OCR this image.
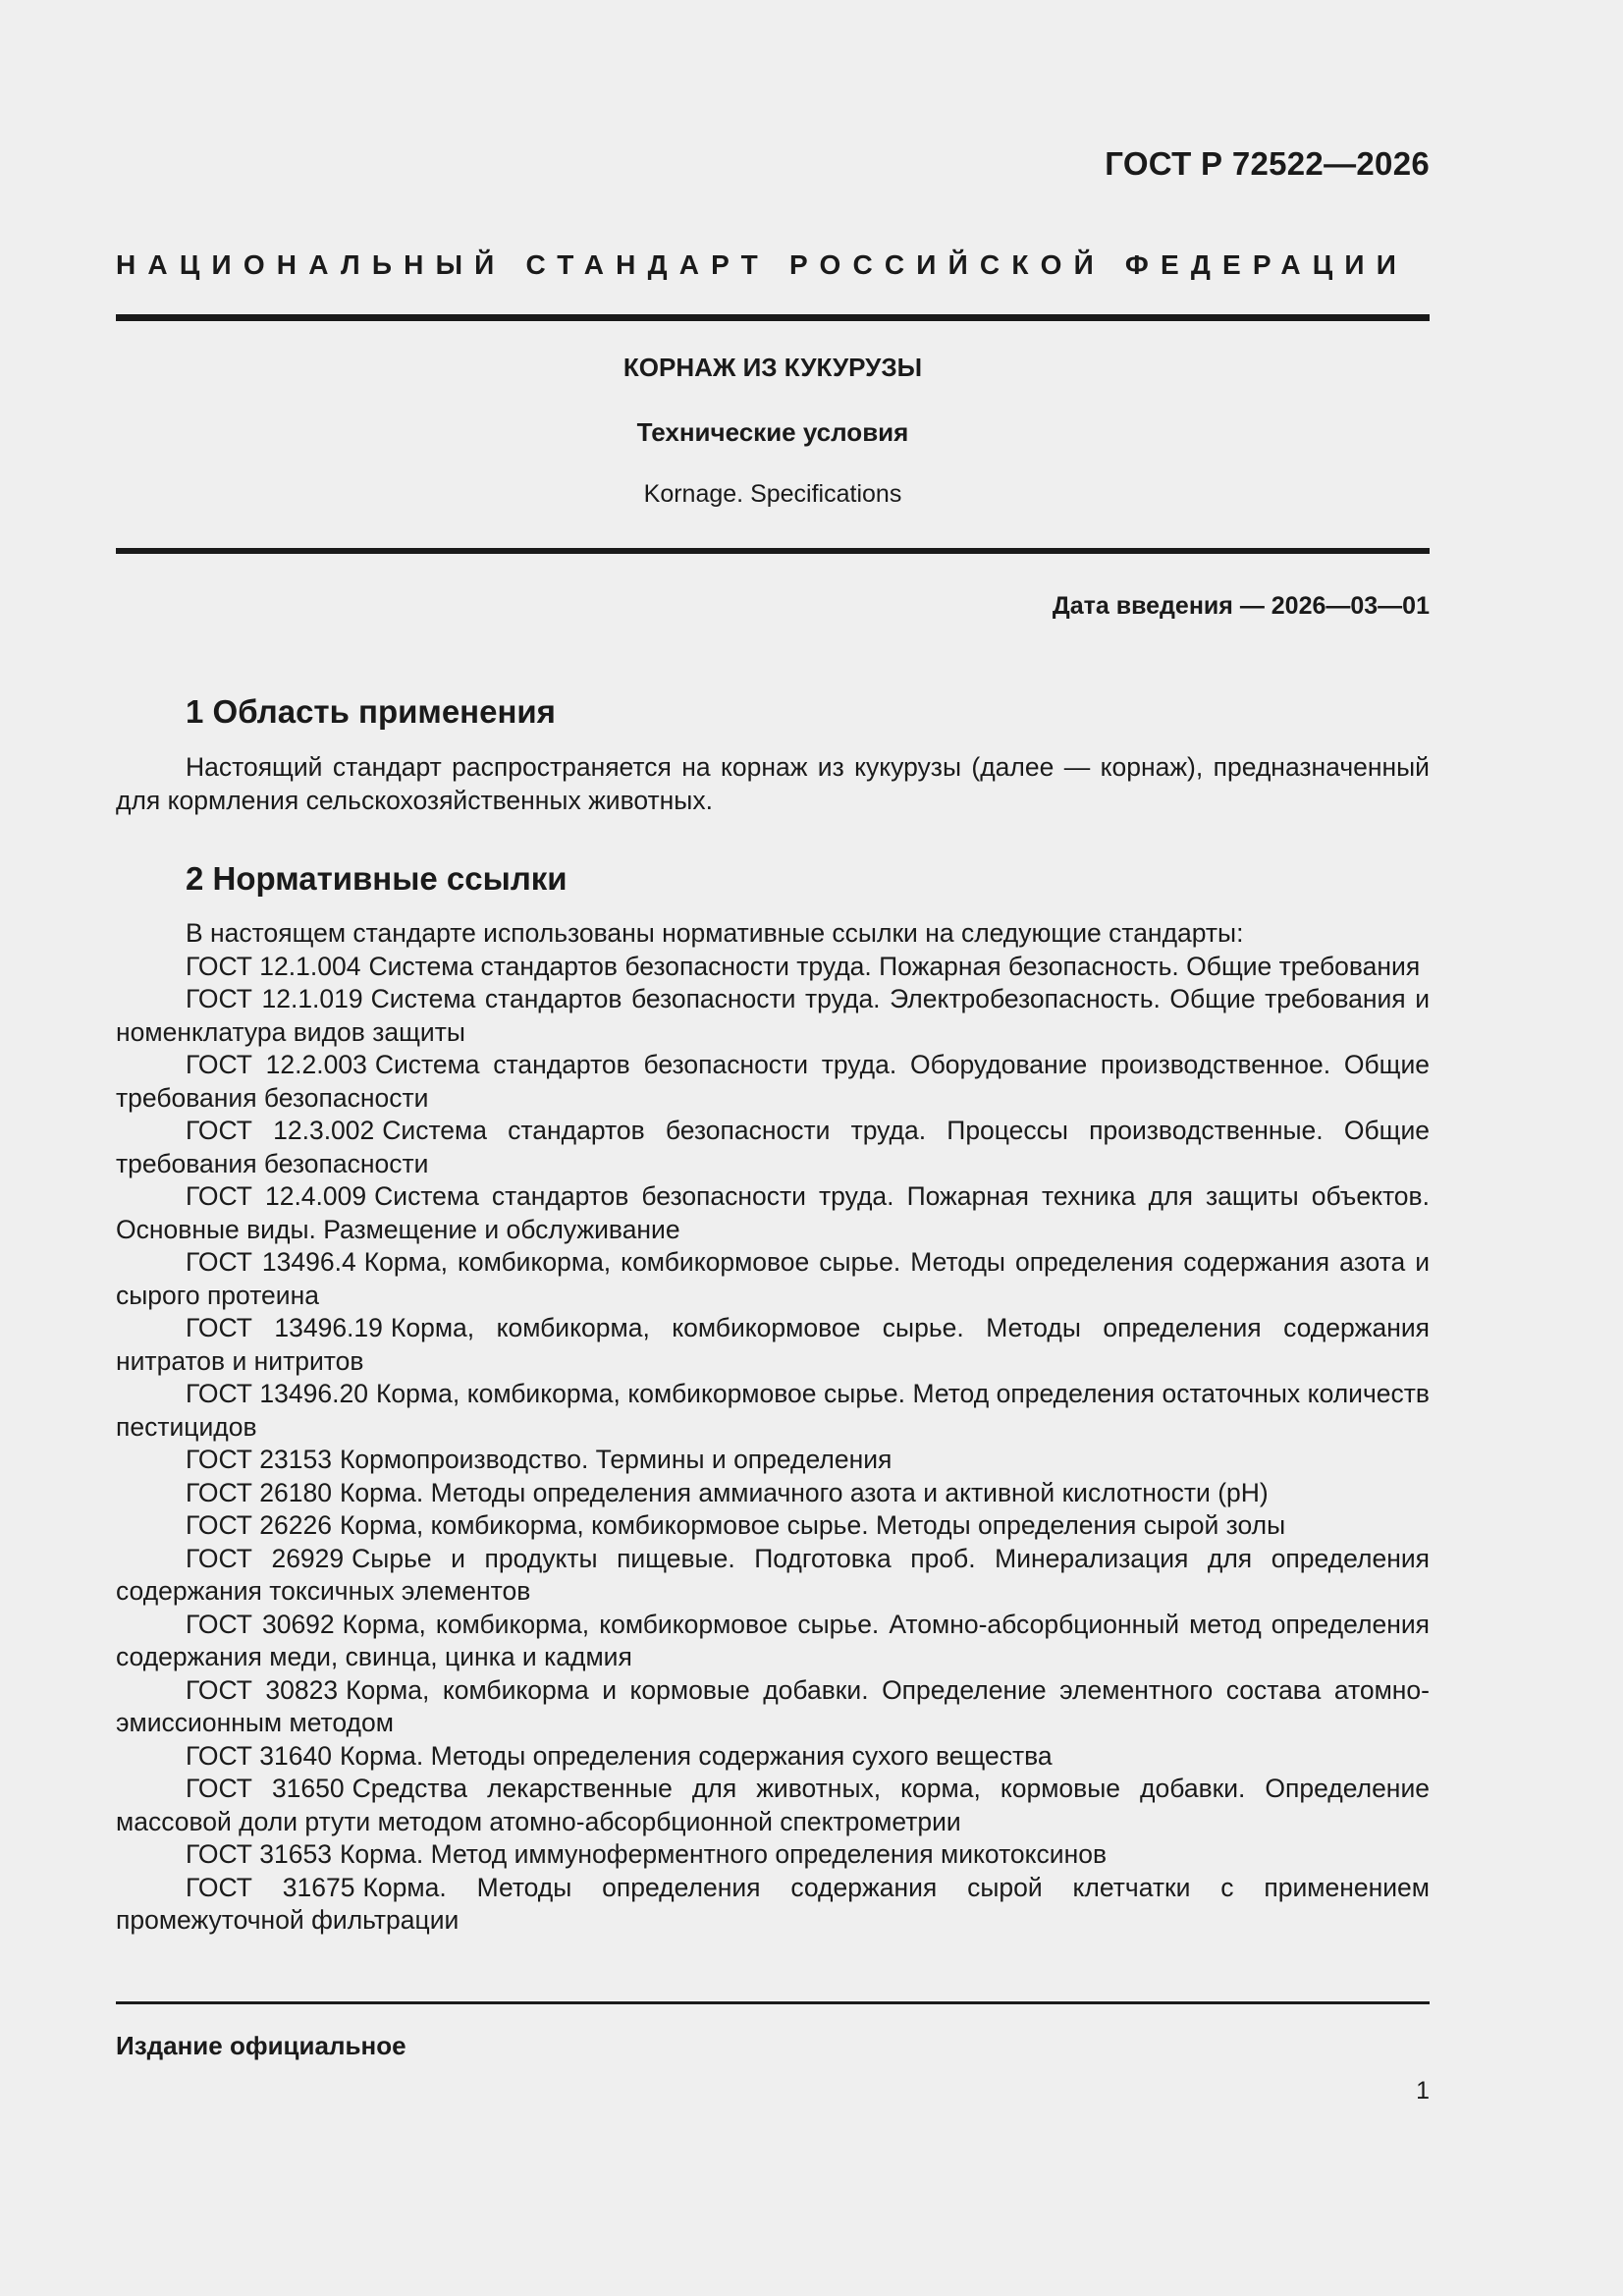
ГОСТ Р 72522—2026
НАЦИОНАЛЬНЫЙ СТАНДАРТ РОССИЙСКОЙ ФЕДЕРАЦИИ
КОРНАЖ ИЗ КУКУРУЗЫ
Технические условия
Kornage. Specifications
Дата введения — 2026—03—01
1 Область применения
Настоящий стандарт распространяется на корнаж из кукурузы (далее — корнаж), предназначенный для кормления сельскохозяйственных животных.
2 Нормативные ссылки
В настоящем стандарте использованы нормативные ссылки на следующие стандарты:
ГОСТ 12.1.004 Система стандартов безопасности труда. Пожарная безопасность. Общие требования
ГОСТ 12.1.019 Система стандартов безопасности труда. Электробезопасность. Общие требования и номенклатура видов защиты
ГОСТ 12.2.003 Система стандартов безопасности труда. Оборудование производственное. Общие требования безопасности
ГОСТ 12.3.002 Система стандартов безопасности труда. Процессы производственные. Общие требования безопасности
ГОСТ 12.4.009 Система стандартов безопасности труда. Пожарная техника для защиты объектов. Основные виды. Размещение и обслуживание
ГОСТ 13496.4 Корма, комбикорма, комбикормовое сырье. Методы определения содержания азота и сырого протеина
ГОСТ 13496.19 Корма, комбикорма, комбикормовое сырье. Методы определения содержания нитратов и нитритов
ГОСТ 13496.20 Корма, комбикорма, комбикормовое сырье. Метод определения остаточных количеств пестицидов
ГОСТ 23153 Кормопроизводство. Термины и определения
ГОСТ 26180 Корма. Методы определения аммиачного азота и активной кислотности (рН)
ГОСТ 26226 Корма, комбикорма, комбикормовое сырье. Методы определения сырой золы
ГОСТ 26929 Сырье и продукты пищевые. Подготовка проб. Минерализация для определения содержания токсичных элементов
ГОСТ 30692 Корма, комбикорма, комбикормовое сырье. Атомно-абсорбционный метод определения содержания меди, свинца, цинка и кадмия
ГОСТ 30823 Корма, комбикорма и кормовые добавки. Определение элементного состава атомно-эмиссионным методом
ГОСТ 31640 Корма. Методы определения содержания сухого вещества
ГОСТ 31650 Средства лекарственные для животных, корма, кормовые добавки. Определение массовой доли ртути методом атомно-абсорбционной спектрометрии
ГОСТ 31653 Корма. Метод иммуноферментного определения микотоксинов
ГОСТ 31675 Корма. Методы определения содержания сырой клетчатки с применением промежуточной фильтрации
Издание официальное
1
